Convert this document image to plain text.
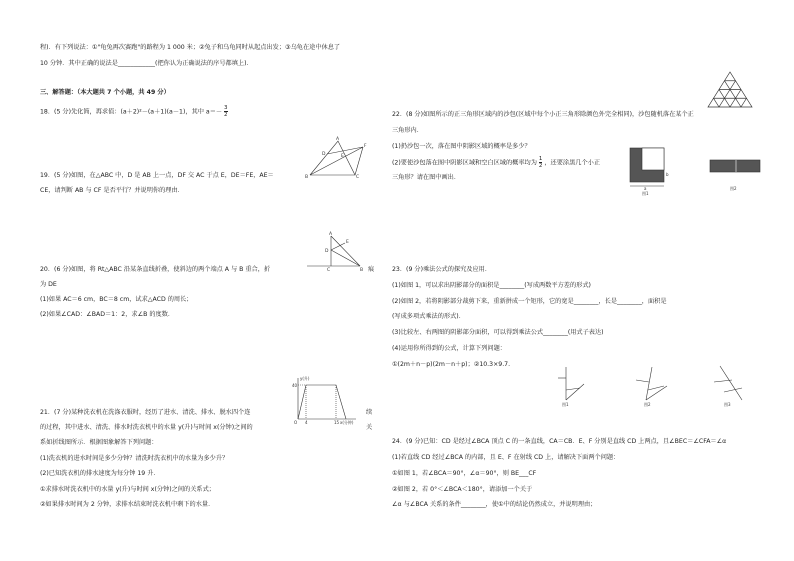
程)．有下列说法：①"龟兔再次赛跑"的路程为 1 000 米；②兔子和乌龟同时从起点出发；③乌龟在途中休息了
10 分钟．其中正确的说法是____________(把你认为正确说法的序号都填上)．
三、解答题：（本大题共 7 个小题，共 49 分）
18．(5 分)先化简，再求值：(a＋2)²－(a＋1)(a－1)，其中 $a=- \frac{3}{2}$
19．(5 分)如图，在△ABC 中，D 是 AB 上一点，DF 交 AC 于点 E，DE＝FE，AE＝
CE，请判断 AB 与 CF 是否平行？并说明你的理由．
A
B	C
D	E
F
20．(6 分)如图，将 Rt△ABC 沿某条直线折叠，使斜边的两个端点 A 与 B 重合，折	痕
为 DE
(1)如果 AC＝6 cm，BC＝8 cm，试求△ACD 的周长；
(2)如果∠CAD：∠BAD＝1：2，求∠B 的度数．
A
B
C
D
E
21．(7 分)某种洗衣机在洗涤衣服时，经历了进水、清洗、排水、脱水四个连	续
的过程，其中进水、清洗、排水时洗衣机中的水量 y(升)与时间 x(分钟)之间的	关
系如折线图所示．根据图象解答下列问题：
(1)洗衣机的进水时间是多少分钟？清洗时洗衣机中的水量为多少升？
(2)已知洗衣机的排水速度为每分钟 19 升．
①求排水时洗衣机中的水量 y(升)与时间 x(分钟)之间的关系式；
②如果排水时间为 2 分钟，求排水结束时洗衣机中剩下的水量．
y(升)
x(分钟)
40
O 4	15
22．(8 分)如图所示的正三角形区域内的沙包(区域中每个小正三角形除颜色外完全相同)，沙包随机落在某个正
三角形内．
(1)扔沙包一次，落在图中阴影区域的概率是多少？
(2)要使沙包落在图中阴影区域和空白区域的概率均为 $\frac{1}{2}$ ，还要涂黑几个小正
三角形？请在图中画出．
a
b
图1
图2
23．(9 分)乘法公式的探究及应用．
(1)如图 1，可以求出阴影部分的面积是________(写成两数平方差的形式)
(2)如图 2，若将阴影部分裁剪下来，重新拼成一个矩形，它的宽是________，长是________，面积是
(写成多项式乘法的形式)．
(3)比较左、右两图的阴影部分面积，可以得到乘法公式________(用式子表达)
(4)运用你所得到的公式，计算下列问题：
①(2m＋n－p)(2m－n＋p)；②10.3×9.7.
图1	图2	图3
24．(9 分)已知：CD 是经过∠BCA 顶点 C 的一条直线，CA＝CB．E、F 分别是直线 CD 上两点，且∠BEC＝∠CFA＝∠α
(1)若直线 CD 经过∠BCA 的内部，且 E、F 在射线 CD 上，请解决下面两个问题：
①如图 1，若∠BCA＝90°，∠α＝90°，则 BE___CF
②如图 2，若 0°＜∠BCA＜180°，请添加一个关于
∠α 与∠BCA 关系的条件________，使①中的结论仍然成立，并说明理由；
